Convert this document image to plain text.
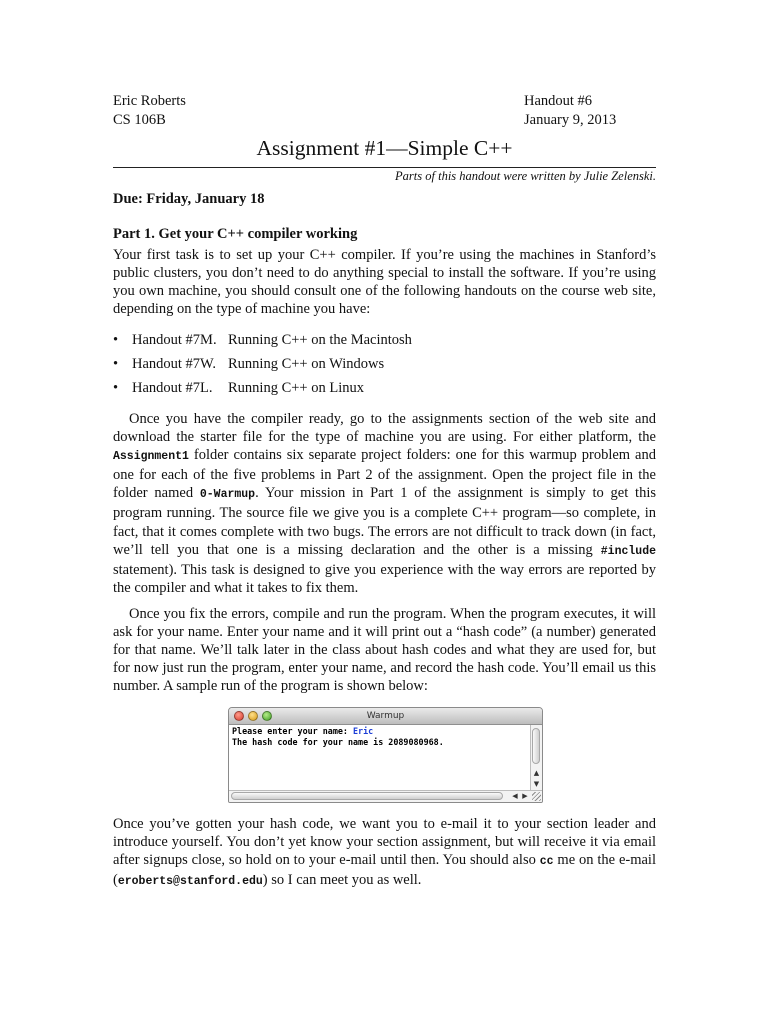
Eric Roberts
CS 106B
Handout #6
January 9, 2013
Assignment #1—Simple C++
Parts of this handout were written by Julie Zelenski.
Due: Friday, January 18
Part 1. Get your C++ compiler working
Your first task is to set up your C++ compiler. If you’re using the machines in Stanford’s public clusters, you don’t need to do anything special to install the software. If you’re using you own machine, you should consult one of the following handouts on the course web site, depending on the type of machine you have:
• Handout #7M. Running C++ on the Macintosh
• Handout #7W. Running C++ on Windows
• Handout #7L. Running C++ on Linux
Once you have the compiler ready, go to the assignments section of the web site and download the starter file for the type of machine you are using. For either platform, the Assignment1 folder contains six separate project folders: one for this warmup problem and one for each of the five problems in Part 2 of the assignment. Open the project file in the folder named 0-Warmup. Your mission in Part 1 of the assignment is simply to get this program running. The source file we give you is a complete C++ program—so complete, in fact, that it comes complete with two bugs. The errors are not difficult to track down (in fact, we’ll tell you that one is a missing declaration and the other is a missing #include statement). This task is designed to give you experience with the way errors are reported by the compiler and what it takes to fix them.
Once you fix the errors, compile and run the program. When the program executes, it will ask for your name. Enter your name and it will print out a “hash code” (a number) generated for that name. We’ll talk later in the class about hash codes and what they are used for, but for now just run the program, enter your name, and record the hash code. You’ll email us this number. A sample run of the program is shown below:
Warmup
Please enter your name: Eric
The hash code for your name is 2089080968.
▲
▼
◀ ▶
Once you’ve gotten your hash code, we want you to e-mail it to your section leader and introduce yourself. You don’t yet know your section assignment, but will receive it via email after signups close, so hold on to your e-mail until then. You should also cc me on the e-mail (eroberts@stanford.edu) so I can meet you as well.
